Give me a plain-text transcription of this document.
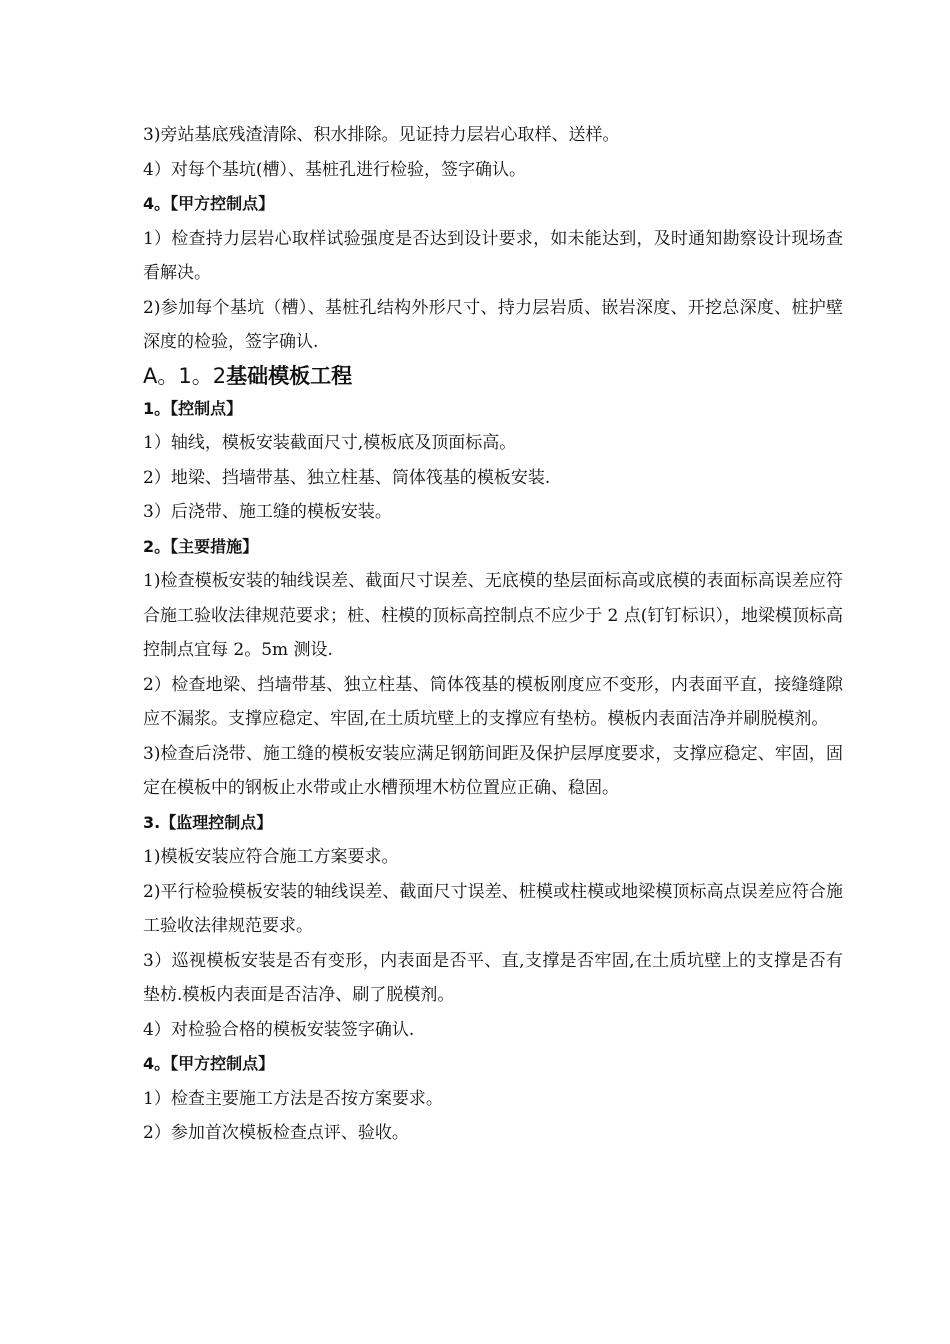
3)旁站基底残渣清除、积水排除。见证持力层岩心取样、送样。
4）对每个基坑(槽）、基桩孔进行检验，签字确认。
4。【甲方控制点】
1）检查持力层岩心取样试验强度是否达到设计要求，如未能达到，及时通知勘察设计现场查看解决。
2)参加每个基坑（槽）、基桩孔结构外形尺寸、持力层岩质、嵌岩深度、开挖总深度、桩护壁深度的检验，签字确认.
A。1。2基础模板工程
1。【控制点】
1）轴线，模板安装截面尺寸,模板底及顶面标高。
2）地梁、挡墙带基、独立柱基、筒体筏基的模板安装.
3）后浇带、施工缝的模板安装。
2。【主要措施】
1)检查模板安装的轴线误差、截面尺寸误差、无底模的垫层面标高或底模的表面标高误差应符合施工验收法律规范要求；桩、柱模的顶标高控制点不应少于 2 点(钉钉标识），地梁模顶标高控制点宜每 2。5m 测设.
2）检查地梁、挡墙带基、独立柱基、筒体筏基的模板刚度应不变形，内表面平直，接缝缝隙应不漏浆。支撑应稳定、牢固,在土质坑壁上的支撑应有垫枋。模板内表面洁净并刷脱模剂。
3)检查后浇带、施工缝的模板安装应满足钢筋间距及保护层厚度要求，支撑应稳定、牢固，固定在模板中的钢板止水带或止水槽预埋木枋位置应正确、稳固。
3.【监理控制点】
1)模板安装应符合施工方案要求。
2)平行检验模板安装的轴线误差、截面尺寸误差、桩模或柱模或地梁模顶标高点误差应符合施工验收法律规范要求。
3）巡视模板安装是否有变形，内表面是否平、直,支撑是否牢固,在土质坑壁上的支撑是否有垫枋.模板内表面是否洁净、刷了脱模剂。
4）对检验合格的模板安装签字确认.
4。【甲方控制点】
1）检查主要施工方法是否按方案要求。
2）参加首次模板检查点评、验收。
